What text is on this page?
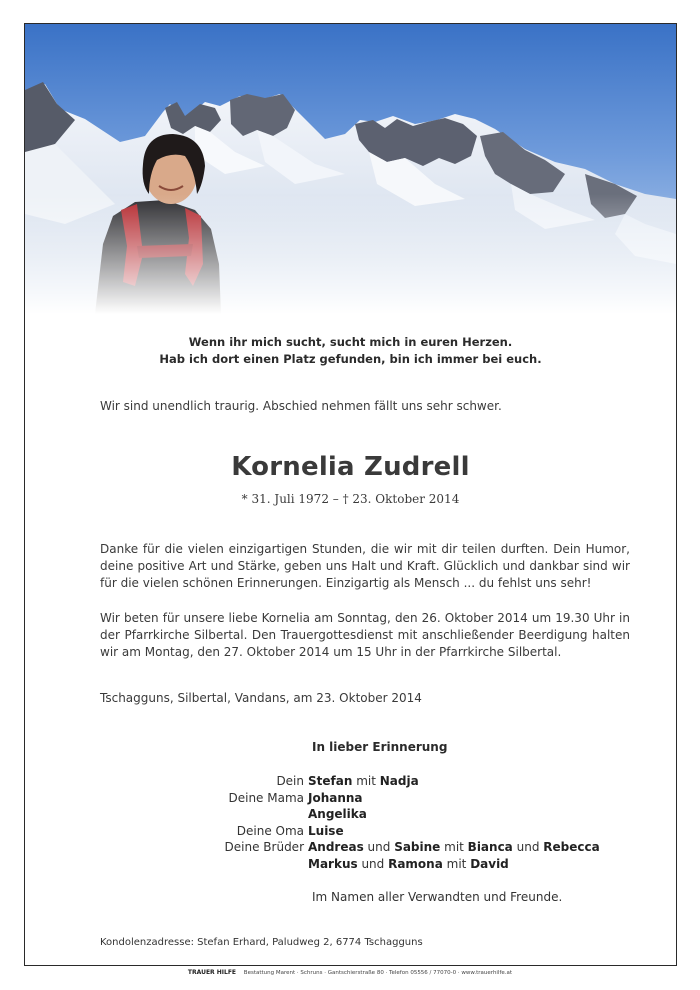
Wenn ihr mich sucht, sucht mich in euren Herzen.
Hab ich dort einen Platz gefunden, bin ich immer bei euch.
Wir sind unendlich traurig. Abschied nehmen fällt uns sehr schwer.
Kornelia Zudrell
* 31. Juli 1972 – † 23. Oktober 2014
Danke für die vielen einzigartigen Stunden, die wir mit dir teilen durften. Dein Humor, deine positive Art und Stärke, geben uns Halt und Kraft. Glücklich und dankbar sind wir für die vielen schönen Erinnerungen. Einzigartig als Mensch ... du fehlst uns sehr!
Wir beten für unsere liebe Kornelia am Sonntag, den 26. Oktober 2014 um 19.30 Uhr in der Pfarrkirche Silbertal. Den Trauergottesdienst mit anschließender Beerdigung halten wir am Montag, den 27. Oktober 2014 um 15 Uhr in der Pfarrkirche Silbertal.
Tschagguns, Silbertal, Vandans, am 23. Oktober 2014
In lieber Erinnerung
Dein Stefan mit Nadja
Deine Mama Johanna
Angelika
Deine Oma Luise
Deine Brüder Andreas und Sabine mit Bianca und Rebecca
Markus und Ramona mit David
Im Namen aller Verwandten und Freunde.
Kondolenzadresse: Stefan Erhard, Paludweg 2, 6774 Tschagguns
TRAUER HILFE Bestattung Marent · Schruns · Gantschierstraße 80 · Telefon 05556 / 77070-0 · www.trauerhilfe.at
